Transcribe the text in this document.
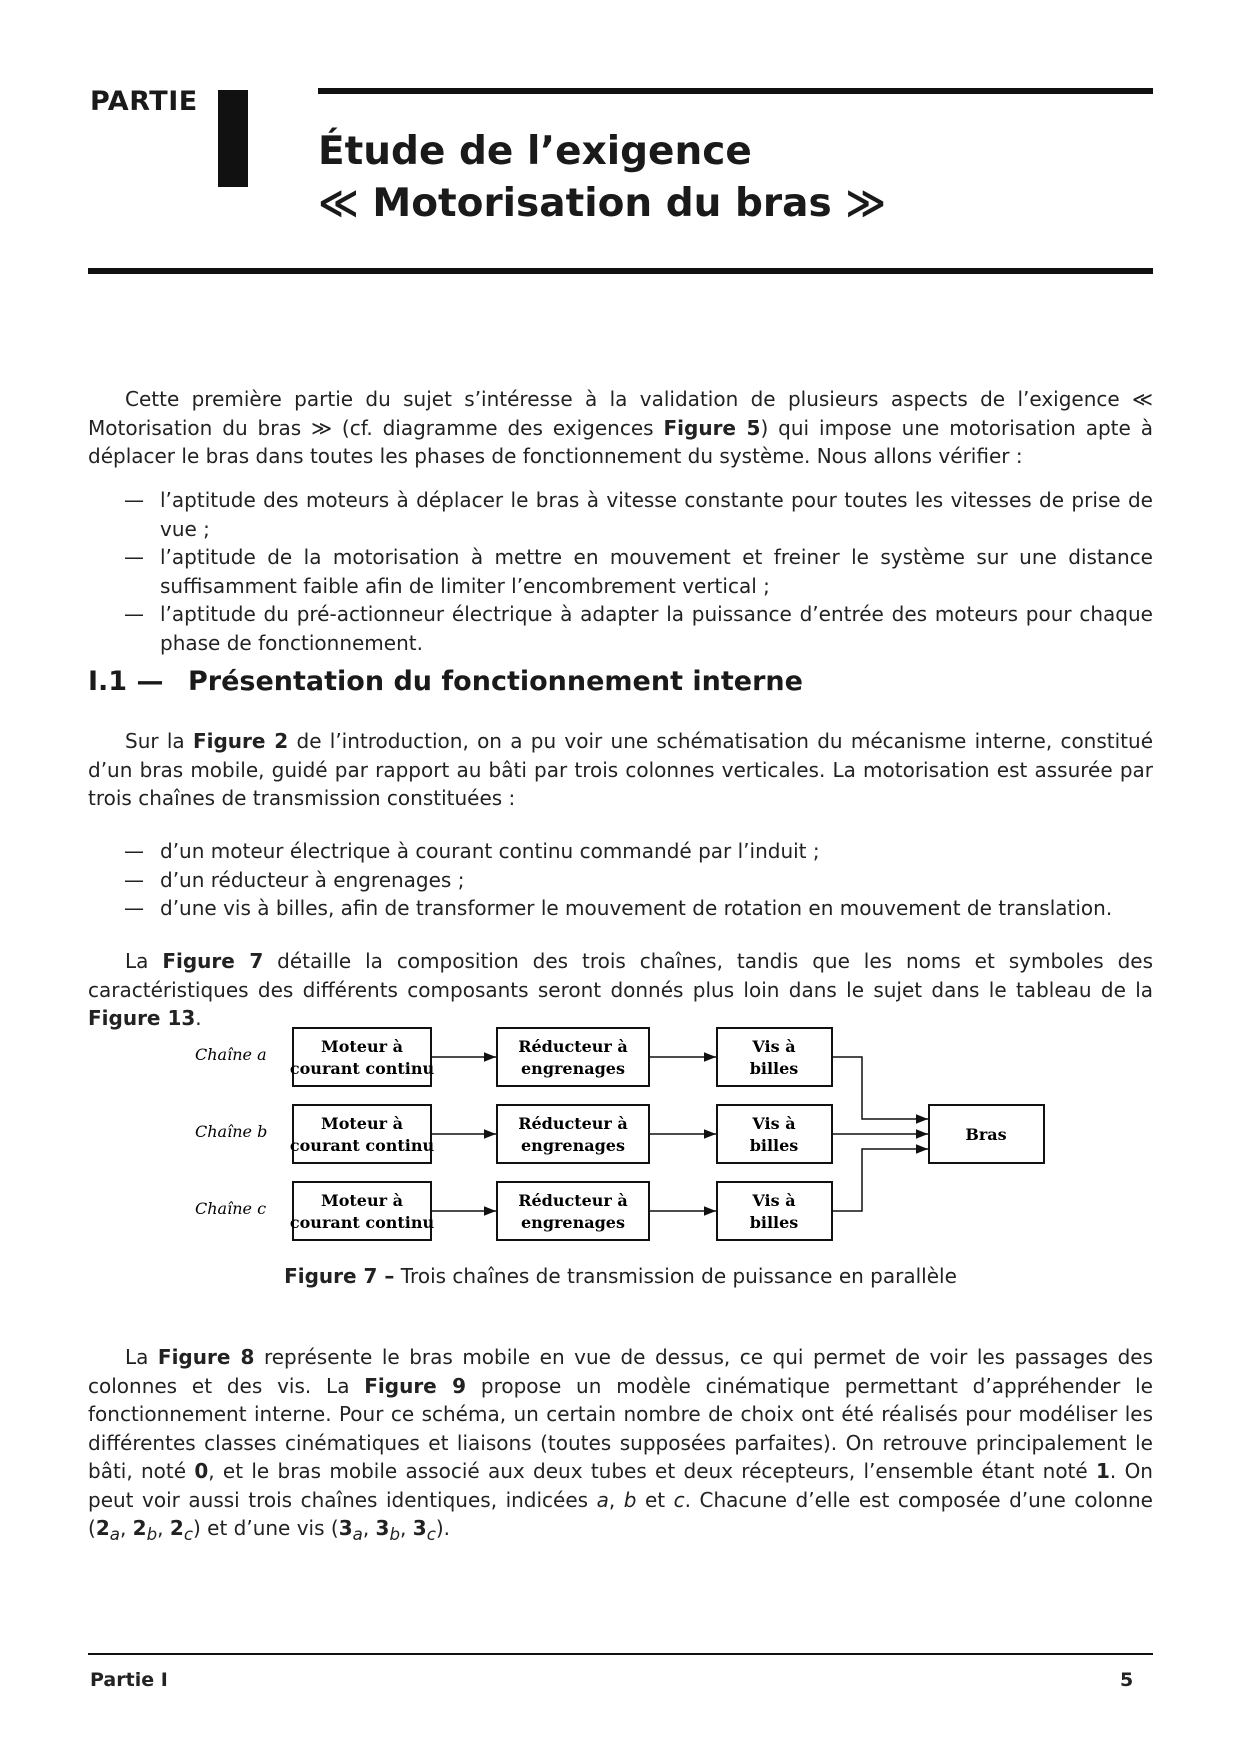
PARTIE
Étude de l’exigence
≪ Motorisation du bras ≫

Cette première partie du sujet s’intéresse à la validation de plusieurs aspects de l’exigence ≪ Motorisation du bras ≫ (cf. diagramme des exigences Figure 5) qui impose une motorisation apte à déplacer le bras dans toutes les phases de fonctionnement du système. Nous allons vérifier :

— l’aptitude des moteurs à déplacer le bras à vitesse constante pour toutes les vitesses de prise de vue ;
— l’aptitude de la motorisation à mettre en mouvement et freiner le système sur une distance suffisamment faible afin de limiter l’encombrement vertical ;
— l’aptitude du pré-actionneur électrique à adapter la puissance d’entrée des moteurs pour chaque phase de fonctionnement.
I.1 — Présentation du fonctionnement interne

Sur la Figure 2 de l’introduction, on a pu voir une schématisation du mécanisme interne, constitué d’un bras mobile, guidé par rapport au bâti par trois colonnes verticales. La motorisation est assurée par trois chaînes de transmission constituées :

— d’un moteur électrique à courant continu commandé par l’induit ;
— d’un réducteur à engrenages ;
— d’une vis à billes, afin de transformer le mouvement de rotation en mouvement de translation.

La Figure 7 détaille la composition des trois chaînes, tandis que les noms et symboles des caractéristiques des différents composants seront donnés plus loin dans le sujet dans le tableau de la Figure 13.

Chaîne a	Moteur à
courant continu
Réducteur à
engrenages
Vis à
billes
Chaîne b	Moteur à
courant continu
Réducteur à
engrenages
Vis à
billes
Chaîne c	Moteur à
courant continu
Réducteur à
engrenages
Vis à
billes
Bras
Figure 7 – Trois chaînes de transmission de puissance en parallèle

La Figure 8 représente le bras mobile en vue de dessus, ce qui permet de voir les passages des colonnes et des vis. La Figure 9 propose un modèle cinématique permettant d’appréhender le fonctionnement interne. Pour ce schéma, un certain nombre de choix ont été réalisés pour modéliser les différentes classes cinématiques et liaisons (toutes supposées parfaites). On retrouve principalement le bâti, noté 0, et le bras mobile associé aux deux tubes et deux récepteurs, l’ensemble étant noté 1. On peut voir aussi trois chaînes identiques, indicées a, b et c. Chacune d’elle est composée d’une colonne ($2_a$, $2_b$, $2_c$) et d’une vis ($3_a$, $3_b$, $3_c$).

Partie I	5
